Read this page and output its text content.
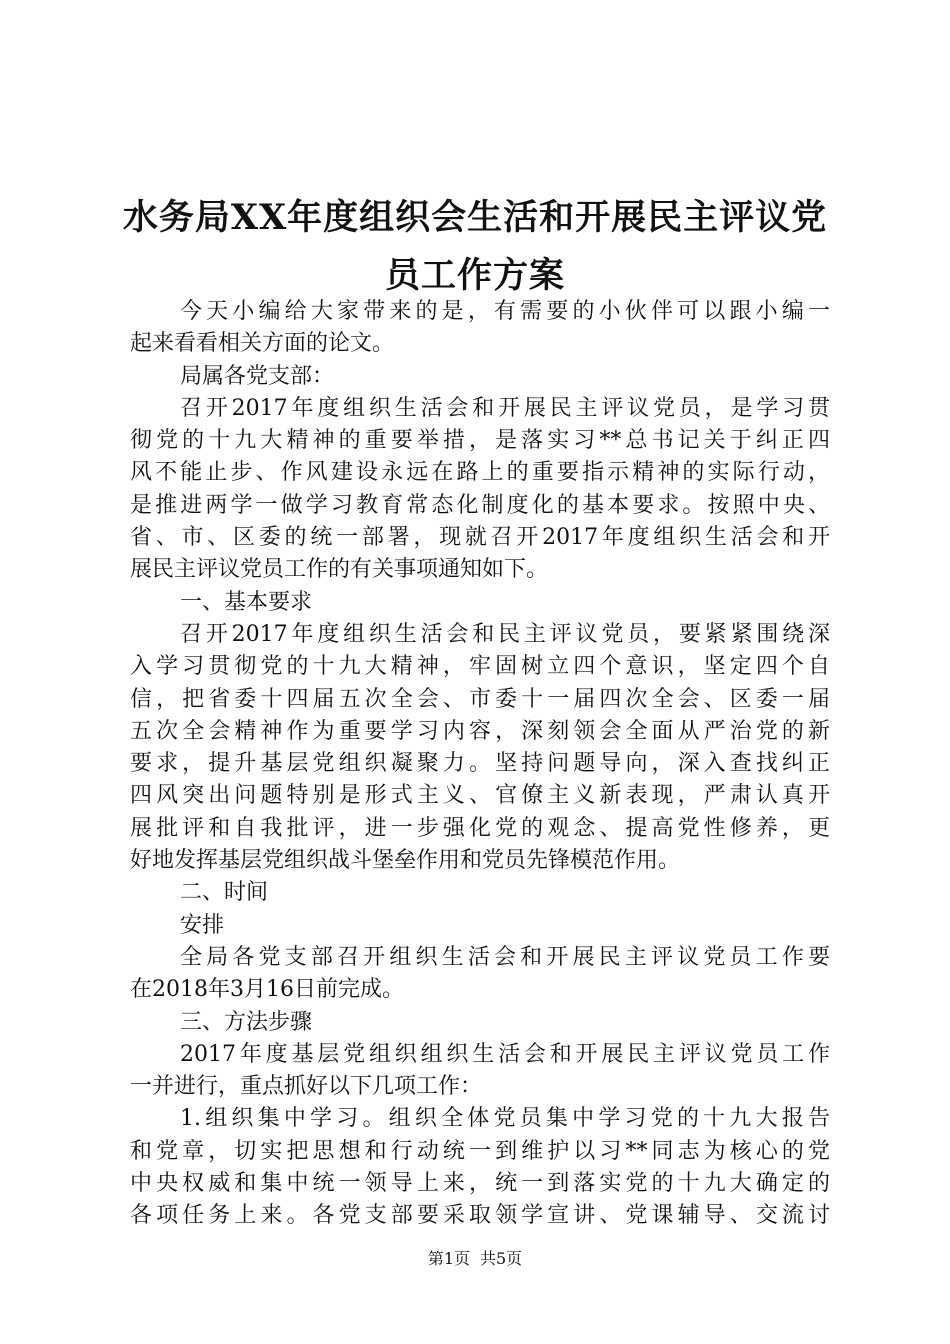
水务局XX年度组织会生活和开展民主评议党
员工作方案

今天小编给大家带来的是，有需要的小伙伴可以跟小编一

起来看看相关方面的论文。

局属各党支部：

召开2017年度组织生活会和开展民主评议党员，是学习贯

彻党的十九大精神的重要举措，是落实习**总书记关于纠正四

风不能止步、作风建设永远在路上的重要指示精神的实际行动，

是推进两学一做学习教育常态化制度化的基本要求。按照中央、

省、市、区委的统一部署，现就召开2017年度组织生活会和开

展民主评议党员工作的有关事项通知如下。

一、基本要求

召开2017年度组织生活会和民主评议党员，要紧紧围绕深

入学习贯彻党的十九大精神，牢固树立四个意识，坚定四个自

信，把省委十四届五次全会、市委十一届四次全会、区委一届

五次全会精神作为重要学习内容，深刻领会全面从严治党的新

要求，提升基层党组织凝聚力。坚持问题导向，深入查找纠正

四风突出问题特别是形式主义、官僚主义新表现，严肃认真开

展批评和自我批评，进一步强化党的观念、提高党性修养，更

好地发挥基层党组织战斗堡垒作用和党员先锋模范作用。

二、时间

安排

全局各党支部召开组织生活会和开展民主评议党员工作要

在2018年3月16日前完成。

三、方法步骤

2017年度基层党组织组织生活会和开展民主评议党员工作

一并进行，重点抓好以下几项工作：

1.组织集中学习。组织全体党员集中学习党的十九大报告

和党章，切实把思想和行动统一到维护以习**同志为核心的党

中央权威和集中统一领导上来，统一到落实党的十九大确定的

各项任务上来。各党支部要采取领学宣讲、党课辅导、交流讨

第1页 共5页
